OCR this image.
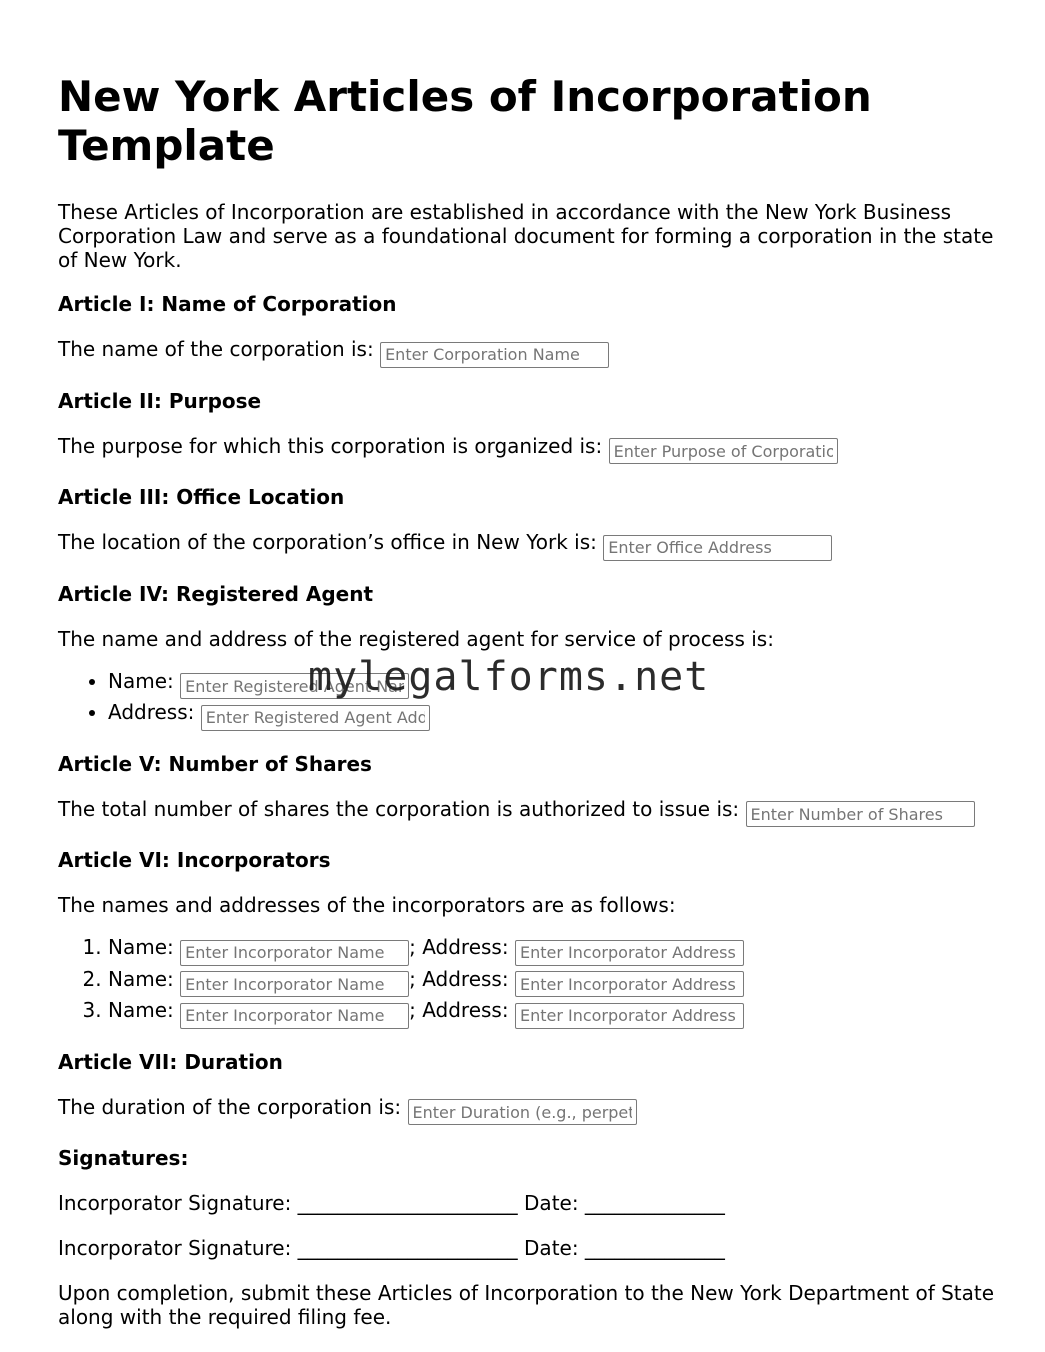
New York Articles of Incorporation Template

These Articles of Incorporation are established in accordance with the New York Business Corporation Law and serve as a foundational document for forming a corporation in the state of New York.

Article I: Name of Corporation
The name of the corporation is: Enter Corporation Name
Article II: Purpose
The purpose for which this corporation is organized is: Enter Purpose of Corporation
Article III: Office Location
The location of the corporation’s office in New York is: Enter Office Address
Article IV: Registered Agent
The name and address of the registered agent for service of process is:
• Name: Enter Registered Agent Name
• Address: Enter Registered Agent Address
Article V: Number of Shares
The total number of shares the corporation is authorized to issue is: Enter Number of Shares
Article VI: Incorporators
The names and addresses of the incorporators are as follows:
1. Name: Enter Incorporator Name	; Address: Enter Incorporator Address
2. Name: Enter Incorporator Name	; Address: Enter Incorporator Address
3. Name: Enter Incorporator Name	; Address: Enter Incorporator Address
Article VII: Duration
The duration of the corporation is: Enter Duration (e.g., perpetual)
Signatures:
Incorporator Signature: ______________________ Date: ______________
Incorporator Signature: ______________________ Date: ______________

Upon completion, submit these Articles of Incorporation to the New York Department of State along with the required filing fee.

mylegalforms.net
